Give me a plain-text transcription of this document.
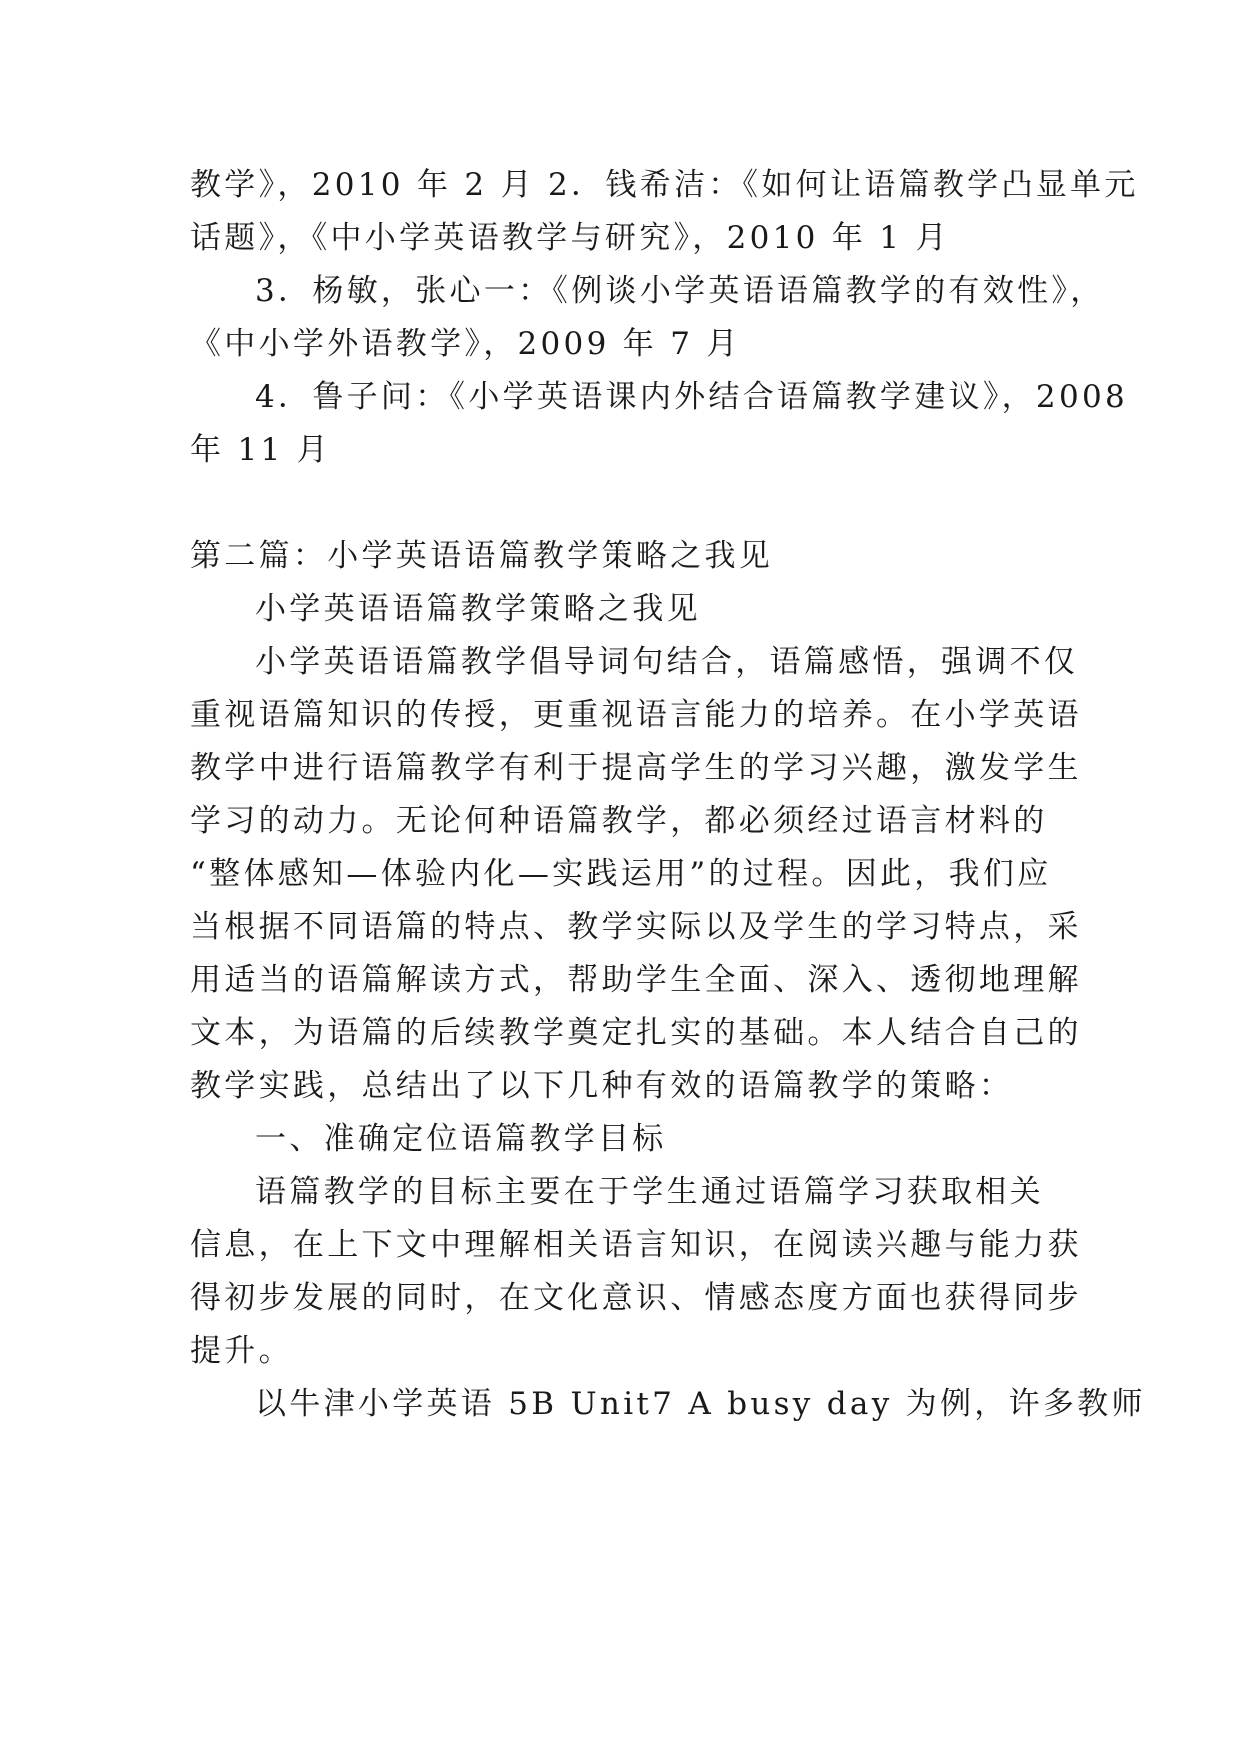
教学》，2010 年 2 月 2．钱希洁：《如何让语篇教学凸显单元
话题》，《中小学英语教学与研究》，2010 年 1 月
3．杨敏，张心一：《例谈小学英语语篇教学的有效性》，
《中小学外语教学》，2009 年 7 月
4．鲁子问：《小学英语课内外结合语篇教学建议》，2008
年 11 月
第二篇：小学英语语篇教学策略之我见
小学英语语篇教学策略之我见
小学英语语篇教学倡导词句结合，语篇感悟，强调不仅
重视语篇知识的传授，更重视语言能力的培养。在小学英语
教学中进行语篇教学有利于提高学生的学习兴趣，激发学生
学习的动力。无论何种语篇教学，都必须经过语言材料的
“整体感知—体验内化—实践运用”的过程。因此，我们应
当根据不同语篇的特点、教学实际以及学生的学习特点，采
用适当的语篇解读方式，帮助学生全面、深入、透彻地理解
文本，为语篇的后续教学奠定扎实的基础。本人结合自己的
教学实践，总结出了以下几种有效的语篇教学的策略：
一、准确定位语篇教学目标
语篇教学的目标主要在于学生通过语篇学习获取相关
信息，在上下文中理解相关语言知识，在阅读兴趣与能力获
得初步发展的同时，在文化意识、情感态度方面也获得同步
提升。
以牛津小学英语 5B Unit7 A busy day 为例，许多教师
